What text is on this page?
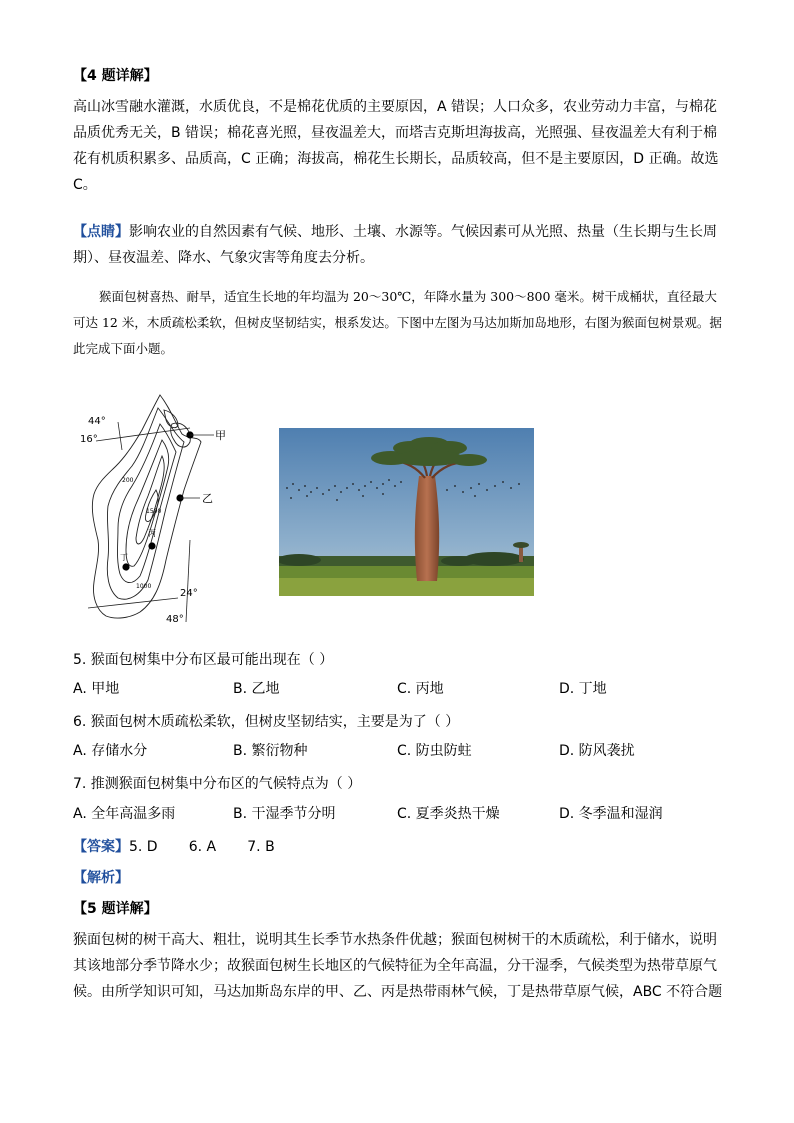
【4 题详解】

高山冰雪融水灌溉，水质优良，不是棉花优质的主要原因，A 错误；人口众多，农业劳动力丰富，与棉花品质优秀无关，B 错误；棉花喜光照，昼夜温差大，而塔吉克斯坦海拔高，光照强、昼夜温差大有利于棉花有机质积累多、品质高，C 正确；海拔高，棉花生长期长，品质较高，但不是主要原因，D 正确。故选C。

【点睛】影响农业的自然因素有气候、地形、土壤、水源等。气候因素可从光照、热量（生长期与生长周期）、昼夜温差、降水、气象灾害等角度去分析。

猴面包树喜热、耐旱，适宜生长地的年均温为 20～30℃，年降水量为 300～800 毫米。树干成桶状，直径最大可达 12 米，木质疏松柔软，但树皮坚韧结实，根系发达。下图中左图为马达加斯加岛地形，右图为猴面包树景观。据此完成下面小题。

甲
乙
丙
丁
44°
16°
24°
48°
200
1500
1000

5. 猴面包树集中分布区最可能出现在（ ）

A. 甲地	B. 乙地	C. 丙地	D. 丁地

6. 猴面包树木质疏松柔软，但树皮坚韧结实，主要是为了（ ）

A. 存储水分	B. 繁衍物种	C. 防虫防蛀	D. 防风袭扰

7. 推测猴面包树集中分布区的气候特点为（ ）

A. 全年高温多雨	B. 干湿季节分明	C. 夏季炎热干燥	D. 冬季温和湿润

【答案】5. D       6. A       7. B

【解析】

【5 题详解】

猴面包树的树干高大、粗壮，说明其生长季节水热条件优越；猴面包树树干的木质疏松，利于储水，说明其该地部分季节降水少；故猴面包树生长地区的气候特征为全年高温，分干湿季，气候类型为热带草原气候。由所学知识可知，马达加斯岛东岸的甲、乙、丙是热带雨林气候，丁是热带草原气候，ABC 不符合题
